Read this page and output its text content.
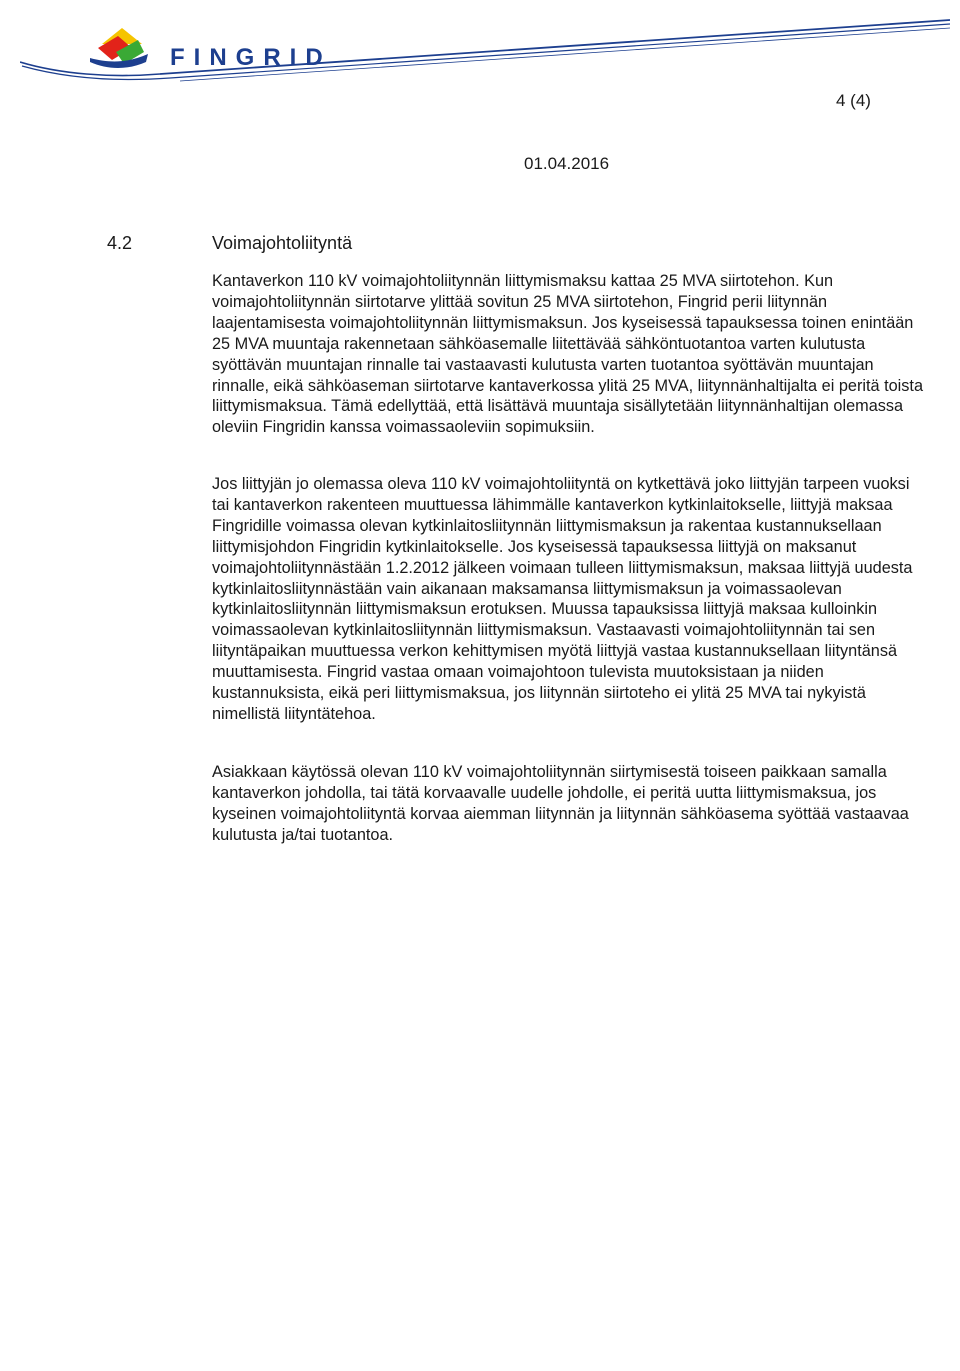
FINGRID
4 (4)
01.04.2016
4.2	Voimajohtoliityntä

Kantaverkon 110 kV voimajohtoliitynnän liittymismaksu kattaa 25 MVA siirtotehon. Kun voimajohtoliitynnän siirtotarve ylittää sovitun 25 MVA siirtotehon, Fingrid perii liitynnän laajentamisesta voimajohtoliitynnän liittymismaksun. Jos kyseisessä tapauksessa toinen enintään 25 MVA muuntaja rakennetaan sähköasemalle liitettävää sähköntuotantoa varten kulutusta syöttävän muuntajan rinnalle tai vastaavasti kulutusta varten tuotantoa syöttävän muuntajan rinnalle, eikä sähköaseman siirtotarve kantaverkossa ylitä 25 MVA, liitynnänhaltijalta ei peritä toista liittymismaksua. Tämä edellyttää, että lisättävä muuntaja sisällytetään liitynnänhaltijan olemassa oleviin Fingridin kanssa voimassaoleviin sopimuksiin.

Jos liittyjän jo olemassa oleva 110 kV voimajohtoliityntä on kytkettävä joko liittyjän tarpeen vuoksi tai kantaverkon rakenteen muuttuessa lähimmälle kantaverkon kytkinlaitokselle, liittyjä maksaa Fingridille voimassa olevan kytkinlaitosliitynnän liittymismaksun ja rakentaa kustannuksellaan liittymisjohdon Fingridin kytkinlaitokselle. Jos kyseisessä tapauksessa liittyjä on maksanut voimajohtoliitynnästään 1.2.2012 jälkeen voimaan tulleen liittymismaksun, maksaa liittyjä uudesta kytkinlaitosliitynnästään vain aikanaan maksamansa liittymismaksun ja voimassaolevan kytkinlaitosliitynnän liittymismaksun erotuksen. Muussa tapauksissa liittyjä maksaa kulloinkin voimassaolevan kytkinlaitosliitynnän liittymismaksun. Vastaavasti voimajohtoliitynnän tai sen liityntäpaikan muuttuessa verkon kehittymisen myötä liittyjä vastaa kustannuksellaan liityntänsä muuttamisesta. Fingrid vastaa omaan voimajohtoon tulevista muutoksistaan ja niiden kustannuksista, eikä peri liittymismaksua, jos liitynnän siirtoteho ei ylitä 25 MVA tai nykyistä nimellistä liityntätehoa.

Asiakkaan käytössä olevan 110 kV voimajohtoliitynnän siirtymisestä toiseen paikkaan samalla kantaverkon johdolla, tai tätä korvaavalle uudelle johdolle, ei peritä uutta liittymismaksua, jos kyseinen voimajohtoliityntä korvaa aiemman liitynnän ja liitynnän sähköasema syöttää vastaavaa kulutusta ja/tai tuotantoa.
